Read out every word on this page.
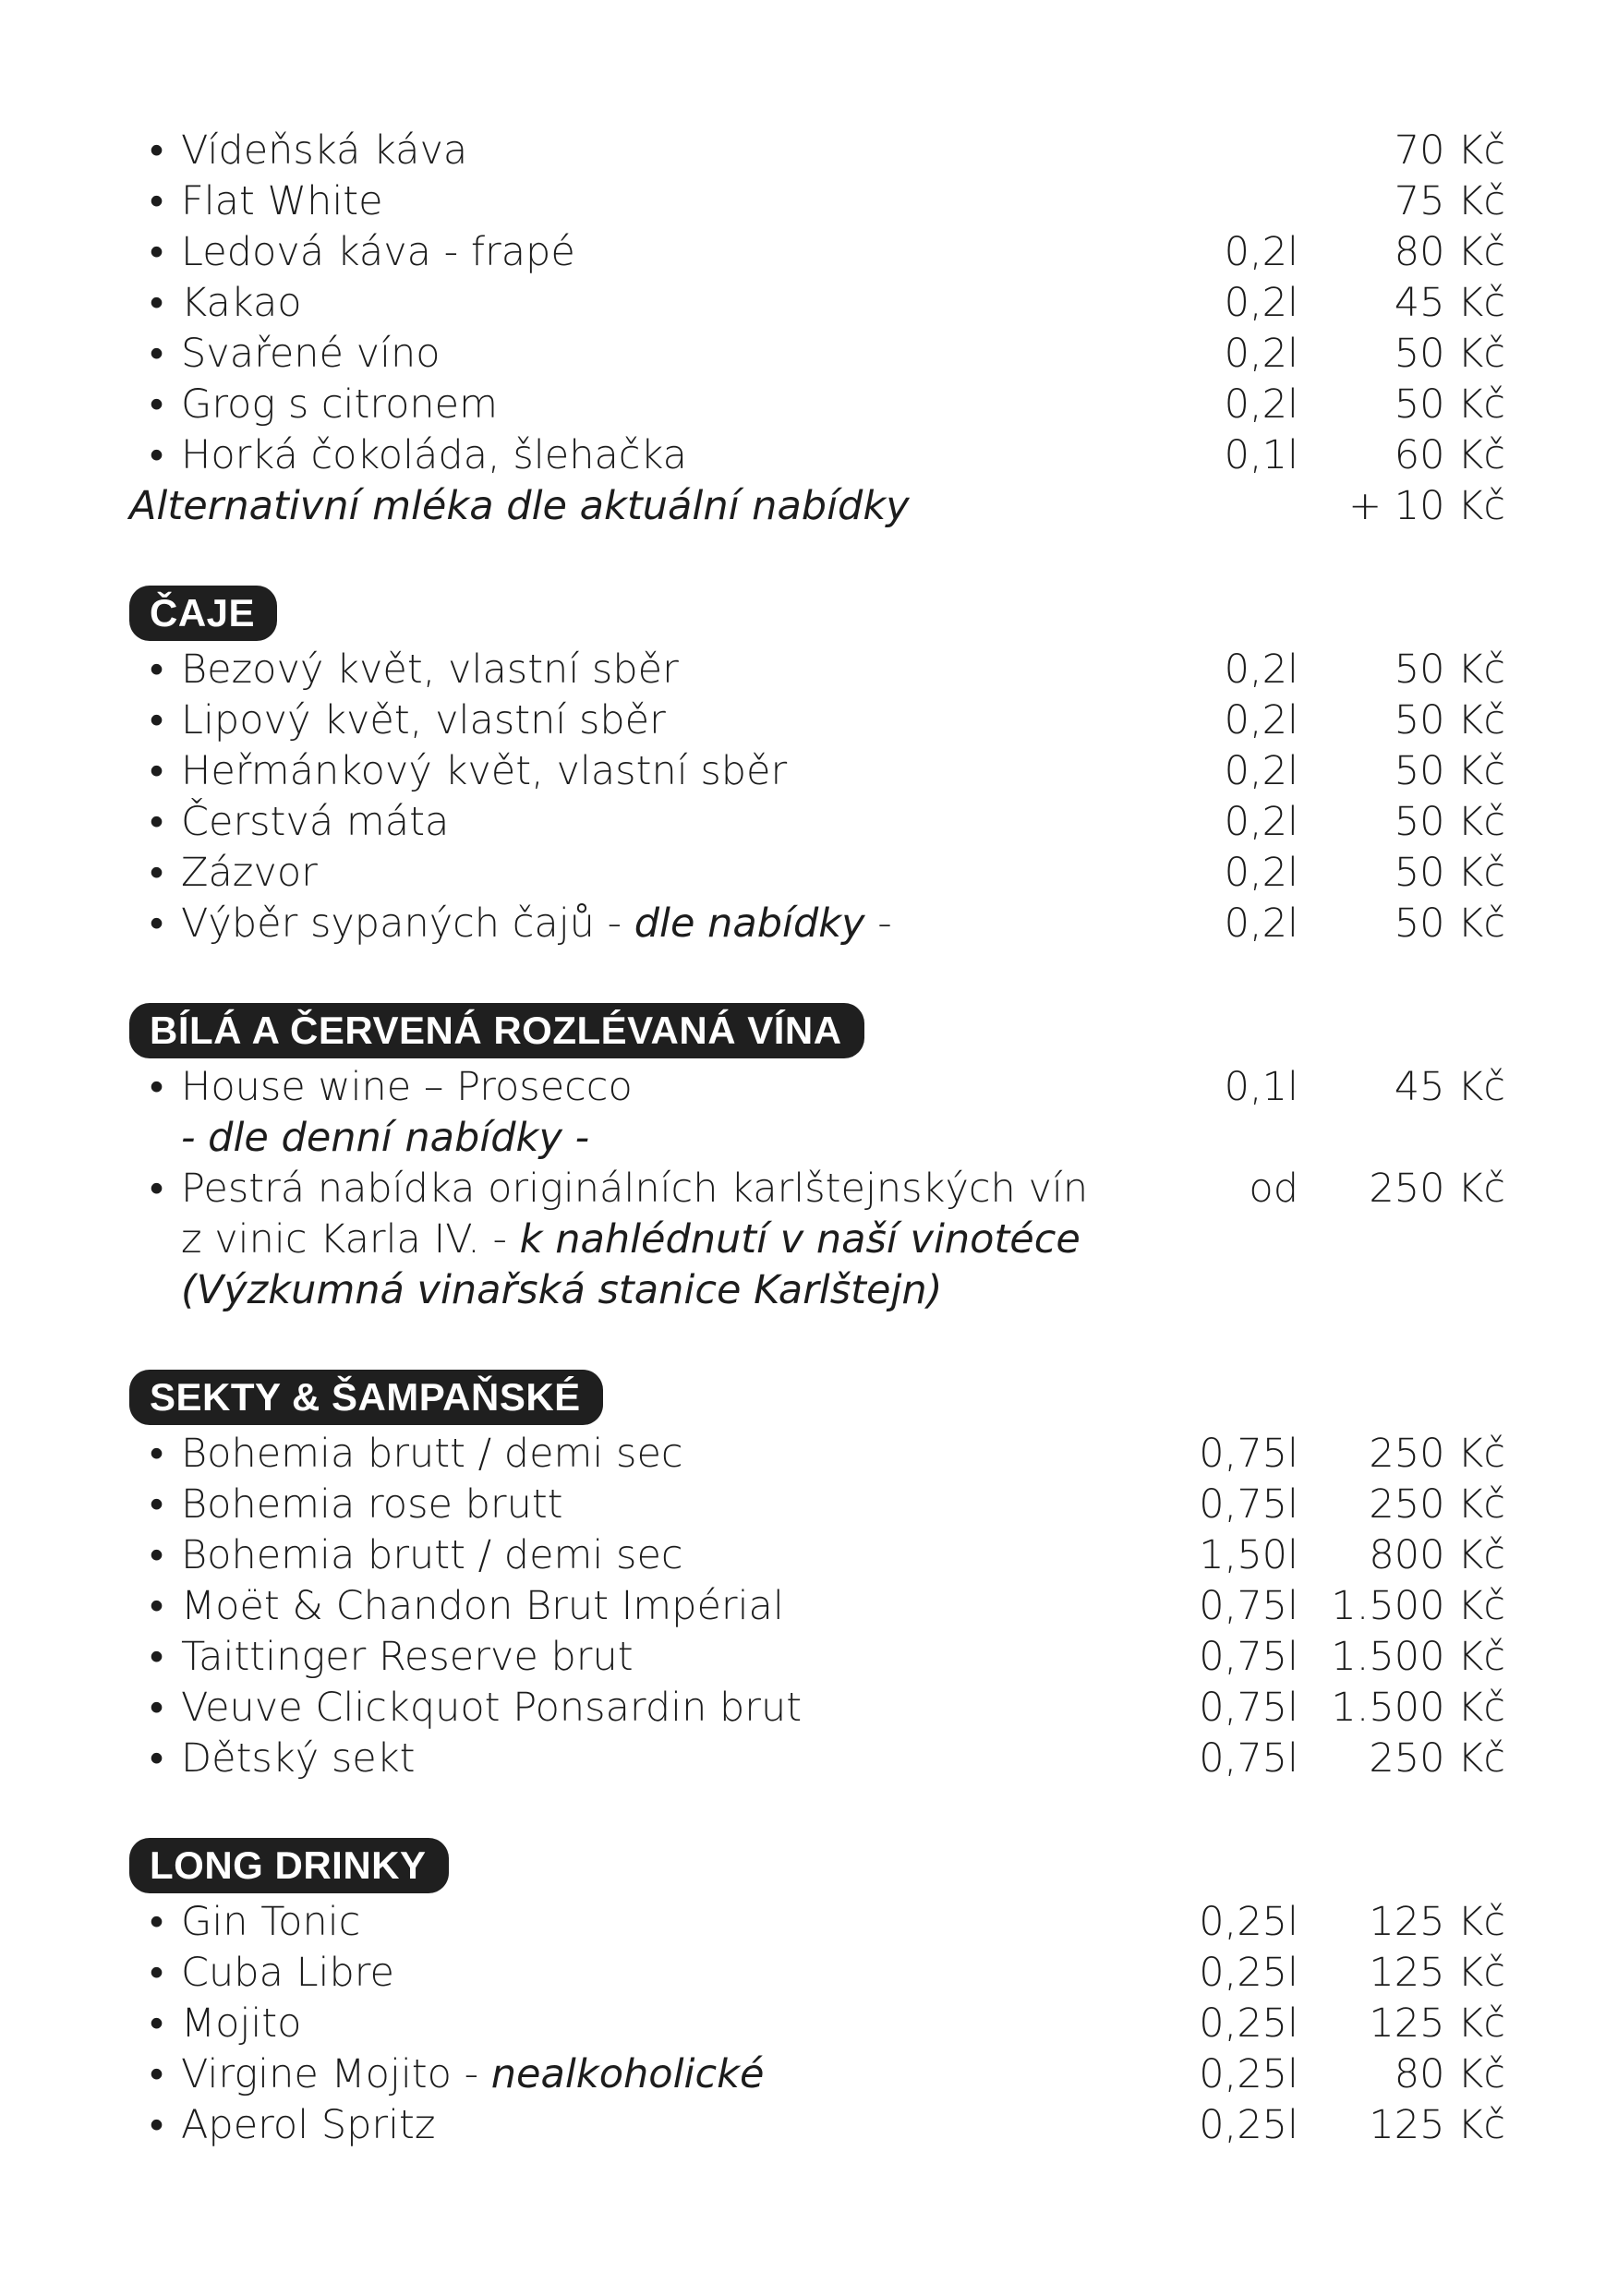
• Vídeňská káva	70 Kč
• Flat White	75 Kč
• Ledová káva - frapé	0,2l	80 Kč
• Kakao	0,2l	45 Kč
• Svařené víno	0,2l	50 Kč
• Grog s citronem	0,2l	50 Kč
• Horká čokoláda, šlehačka	0,1l	60 Kč
Alternativní mléka dle aktuální nabídky	+ 10 Kč
ČAJE
• Bezový květ, vlastní sběr	0,2l	50 Kč
• Lipový květ, vlastní sběr	0,2l	50 Kč
• Heřmánkový květ, vlastní sběr	0,2l	50 Kč
• Čerstvá máta	0,2l	50 Kč
• Zázvor	0,2l	50 Kč
• Výběr sypaných čajů - dle nabídky -	0,2l	50 Kč
BÍLÁ A ČERVENÁ ROZLÉVANÁ VÍNA
• House wine – Prosecco	0,1l	45 Kč
- dle denní nabídky -
• Pestrá nabídka originálních karlštejnských vín	od	250 Kč
z vinic Karla IV. - k nahlédnutí v naší vinotéce
(Výzkumná vinařská stanice Karlštejn)
SEKTY & ŠAMPAŇSKÉ
• Bohemia brutt / demi sec	0,75l	250 Kč
• Bohemia rose brutt	0,75l	250 Kč
• Bohemia brutt / demi sec	1,50l	800 Kč
• Moët & Chandon Brut Impérial	0,75l 1.500 Kč
• Taittinger Reserve brut	0,75l 1.500 Kč
• Veuve Clickquot Ponsardin brut	0,75l 1.500 Kč
• Dětský sekt	0,75l	250 Kč
LONG DRINKY
• Gin Tonic	0,25l	125 Kč
• Cuba Libre	0,25l	125 Kč
• Mojito	0,25l	125 Kč
• Virgine Mojito - nealkoholické	0,25l	80 Kč
• Aperol Spritz	0,25l	125 Kč
